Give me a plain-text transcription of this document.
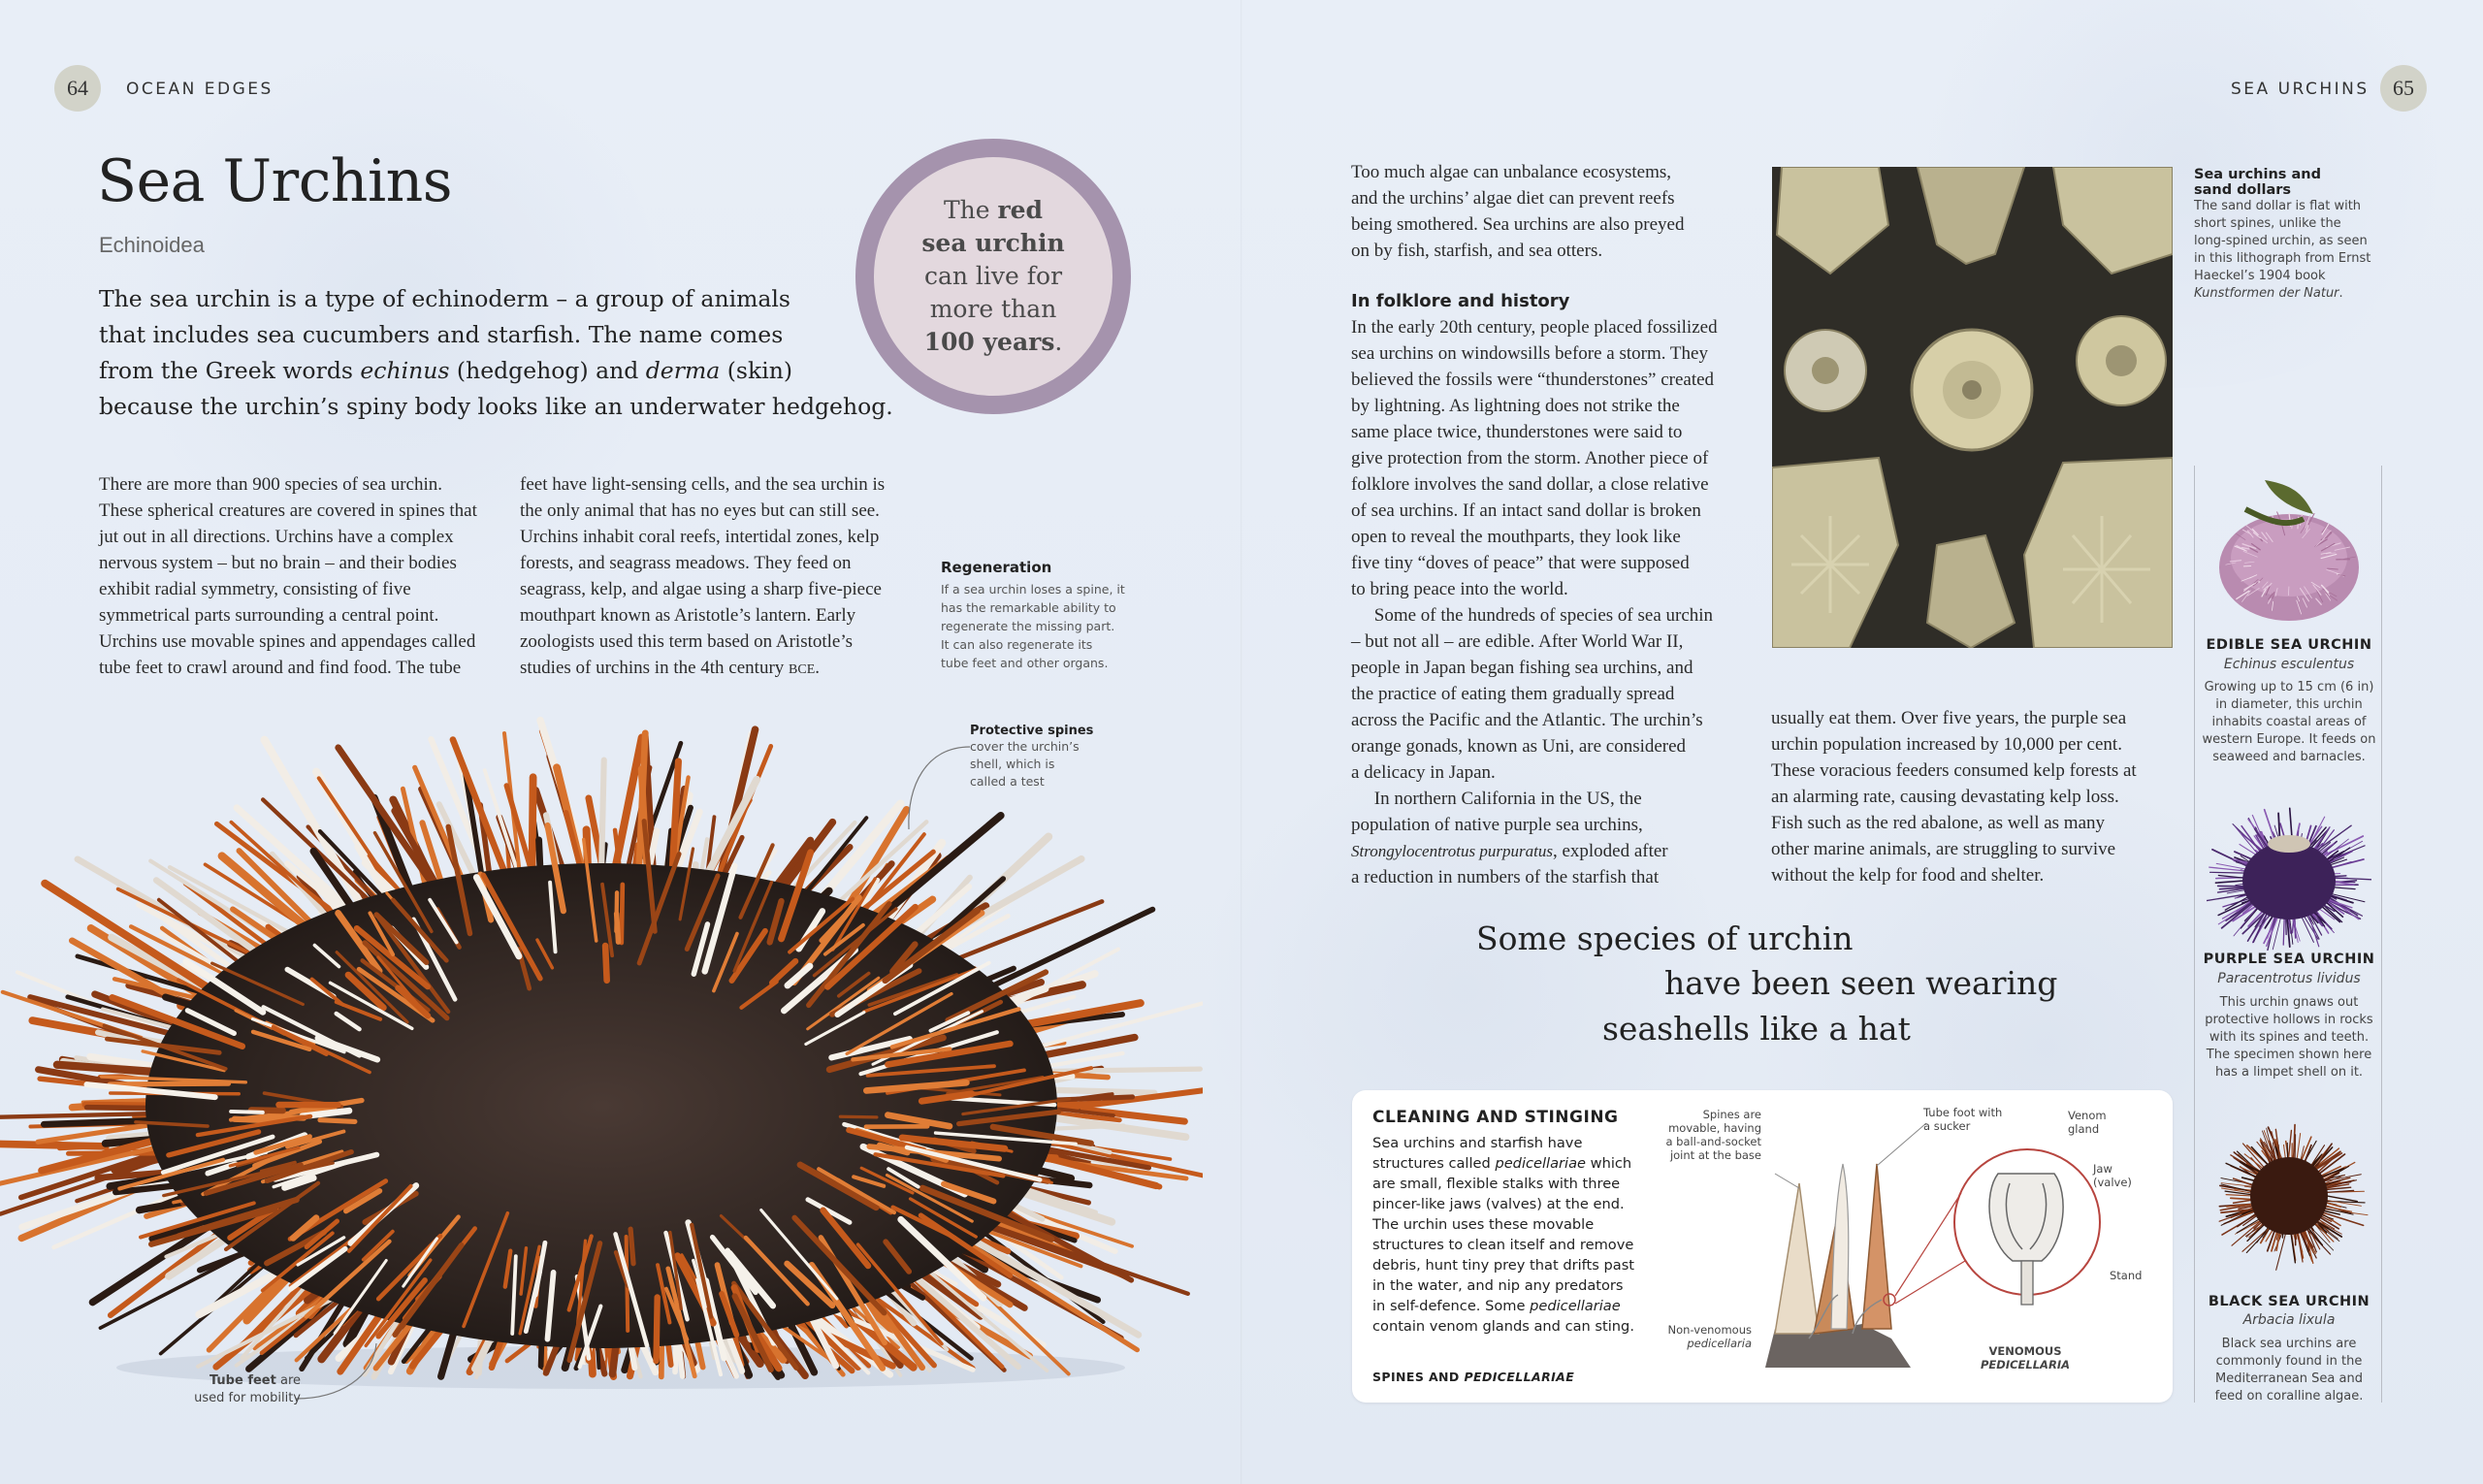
64 OCEAN EDGES
Sea Urchins
Echinoidea
The sea urchin is a type of echinoderm – a group of animals
that includes sea cucumbers and starfish. The name comes
from the Greek words echinus (hedgehog) and derma (skin)
because the urchin’s spiny body looks like an underwater hedgehog.
The red
sea urchin
can live for
more than
100 years.
There are more than 900 species of sea urchin.
These spherical creatures are covered in spines that
jut out in all directions. Urchins have a complex
nervous system – but no brain – and their bodies
exhibit radial symmetry, consisting of five
symmetrical parts surrounding a central point.
Urchins use movable spines and appendages called
tube feet to crawl around and find food. The tube
feet have light-sensing cells, and the sea urchin is
the only animal that has no eyes but can still see.
Urchins inhabit coral reefs, intertidal zones, kelp
forests, and seagrass meadows. They feed on
seagrass, kelp, and algae using a sharp five-piece
mouthpart known as Aristotle’s lantern. Early
zoologists used this term based on Aristotle’s
studies of urchins in the 4th century BCE.
Regeneration
If a sea urchin loses a spine, it
has the remarkable ability to
regenerate the missing part.
It can also regenerate its
tube feet and other organs.
Protective spines
cover the urchin’s
shell, which is
called a test
Tube feet are
used for mobility
SEA URCHINS 65
Too much algae can unbalance ecosystems,
and the urchins’ algae diet can prevent reefs
being smothered. Sea urchins are also preyed
on by fish, starfish, and sea otters.
In folklore and history
In the early 20th century, people placed fossilized
sea urchins on windowsills before a storm. They
believed the fossils were “thunderstones” created
by lightning. As lightning does not strike the
same place twice, thunderstones were said to
give protection from the storm. Another piece of
folklore involves the sand dollar, a close relative
of sea urchins. If an intact sand dollar is broken
open to reveal the mouthparts, they look like
five tiny “doves of peace” that were supposed
to bring peace into the world.
Some of the hundreds of species of sea urchin
– but not all – are edible. After World War II,
people in Japan began fishing sea urchins, and
the practice of eating them gradually spread
across the Pacific and the Atlantic. The urchin’s
orange gonads, known as Uni, are considered
a delicacy in Japan.
In northern California in the US, the
population of native purple sea urchins,
Strongylocentrotus purpuratus, exploded after
a reduction in numbers of the starfish that
usually eat them. Over five years, the purple sea
urchin population increased by 10,000 per cent.
These voracious feeders consumed kelp forests at
an alarming rate, causing devastating kelp loss.
Fish such as the red abalone, as well as many
other marine animals, are struggling to survive
without the kelp for food and shelter.
Sea urchins and
sand dollars
The sand dollar is flat with
short spines, unlike the
long-spined urchin, as seen
in this lithograph from Ernst
Haeckel’s 1904 book
Kunstformen der Natur.
Some species of urchin
have been seen wearing
seashells like a hat
CLEANING AND STINGING
Sea urchins and starfish have
structures called pedicellariae which
are small, flexible stalks with three
pincer-like jaws (valves) at the end.
The urchin uses these movable
structures to clean itself and remove
debris, hunt tiny prey that drifts past
in the water, and nip any predators
in self-defence. Some pedicellariae
contain venom glands and can sting.
SPINES AND PEDICELLARIAE
Spines are
movable, having
a ball-and-socket
joint at the base
Tube foot with
a sucker
Venom
gland
Jaw
(valve)
Stand
Non-venomous
pedicellaria
VENOMOUS
PEDICELLARIA
EDIBLE SEA URCHIN
Echinus esculentus
Growing up to 15 cm (6 in)
in diameter, this urchin
inhabits coastal areas of
western Europe. It feeds on
seaweed and barnacles.
PURPLE SEA URCHIN
Paracentrotus lividus
This urchin gnaws out
protective hollows in rocks
with its spines and teeth.
The specimen shown here
has a limpet shell on it.
BLACK SEA URCHIN
Arbacia lixula
Black sea urchins are
commonly found in the
Mediterranean Sea and
feed on coralline algae.
